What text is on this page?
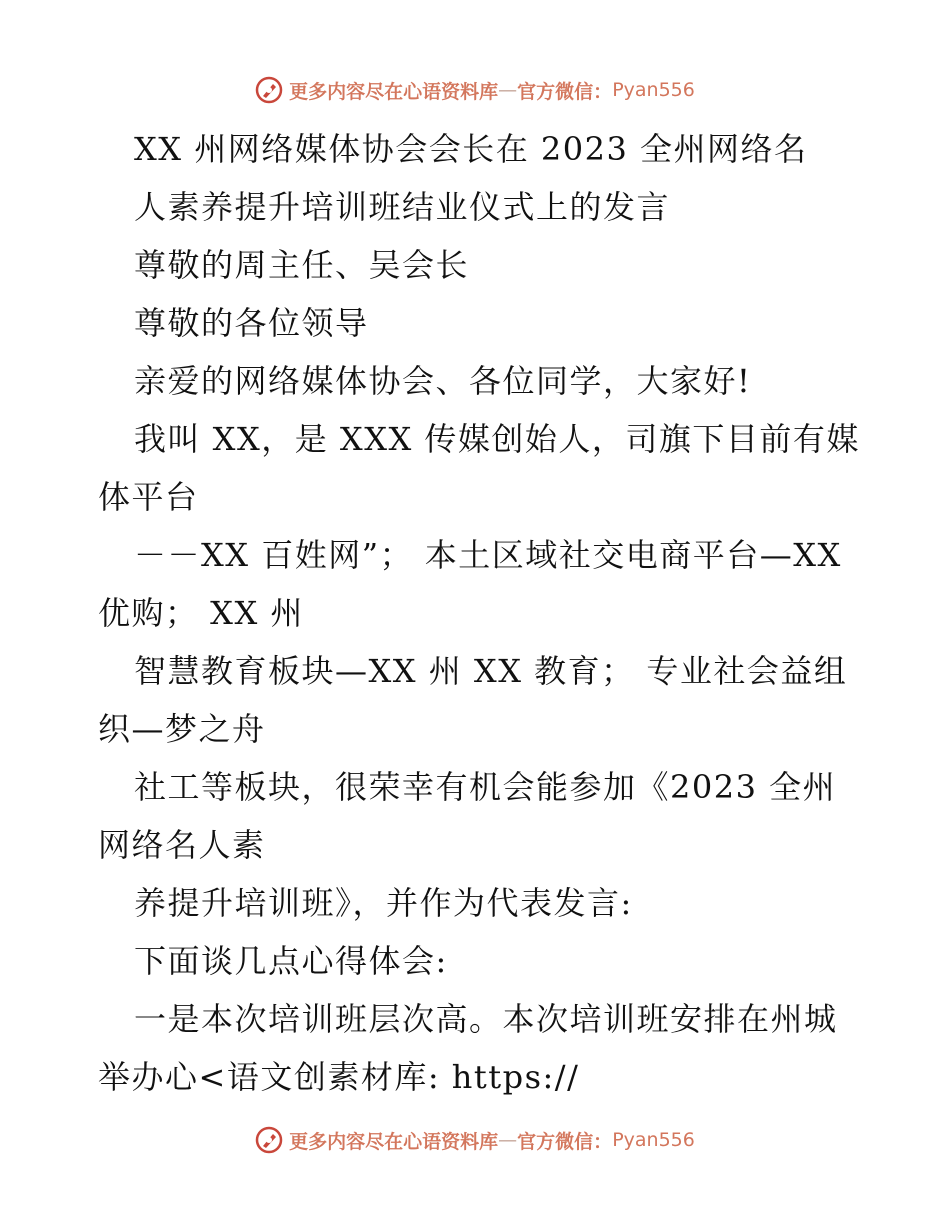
更多内容尽在心语资料库 — 官方微信： Pyan556
XX 州网络媒体协会会长在 2023 全州网络名
人素养提升培训班结业仪式上的发言
尊敬的周主任、吴会长
尊敬的各位领导
亲爱的网络媒体协会、各位同学，大家好!
我叫 XX，是 XXX 传媒创始人，司旗下目前有媒
体平台
－－XX 百姓网”； 本土区域社交电商平台—XX
优购； XX 州
智慧教育板块—XX 州 XX 教育； 专业社会益组
织—梦之舟
社工等板块，很荣幸有机会能参加《2023 全州
网络名人素
养提升培训班》，并作为代表发言:
下面谈几点心得体会:
一是本次培训班层次高。本次培训班安排在州城
举办心<语文创素材库: https://
更多内容尽在心语资料库 — 官方微信： Pyan556
